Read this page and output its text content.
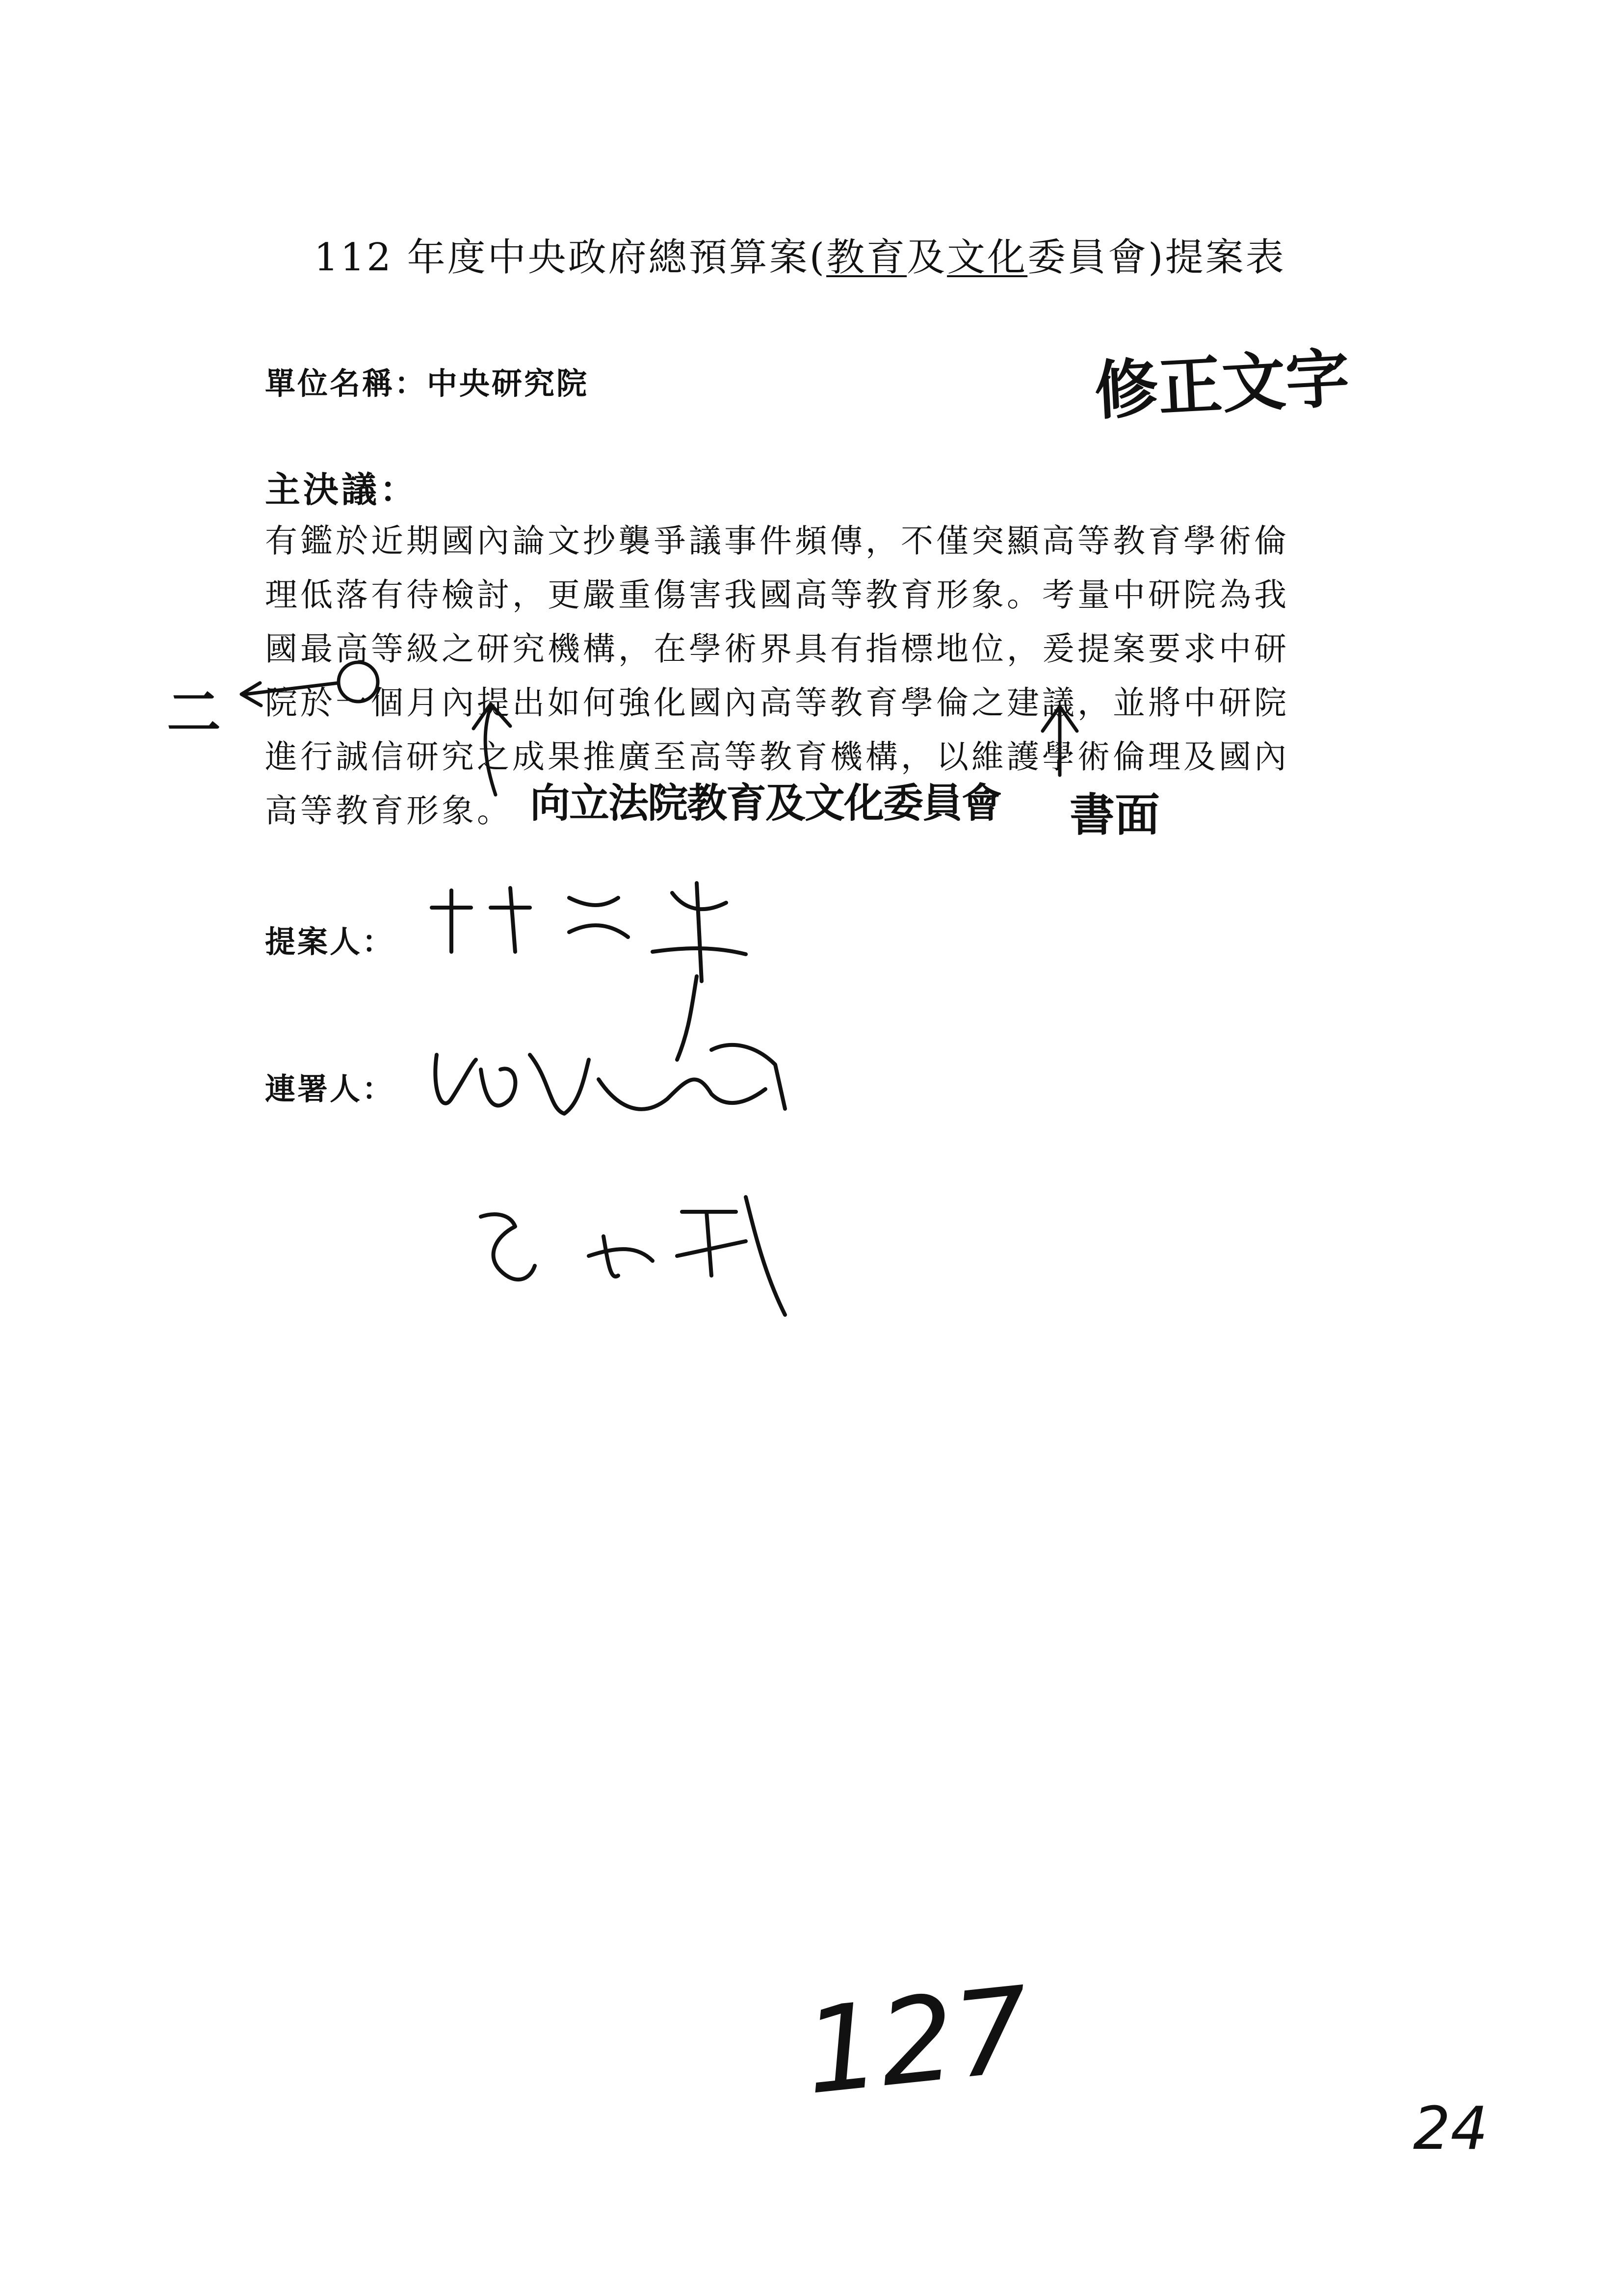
112 年度中央政府總預算案(教育及文化委員會)提案表
單位名稱：中央研究院
主決議：
有鑑於近期國內論文抄襲爭議事件頻傳，不僅突顯高等教育學術倫
理低落有待檢討，更嚴重傷害我國高等教育形象。考量中研院為我
國最高等級之研究機構，在學術界具有指標地位，爰提案要求中研
院於一個月內提出如何強化國內高等教育學倫之建議，並將中研院
進行誠信研究之成果推廣至高等教育機構，以維護學術倫理及國內
高等教育形象。
提案人：
連署人：
修正文字
向立法院教育及文化委員會 書面
二
127
24
